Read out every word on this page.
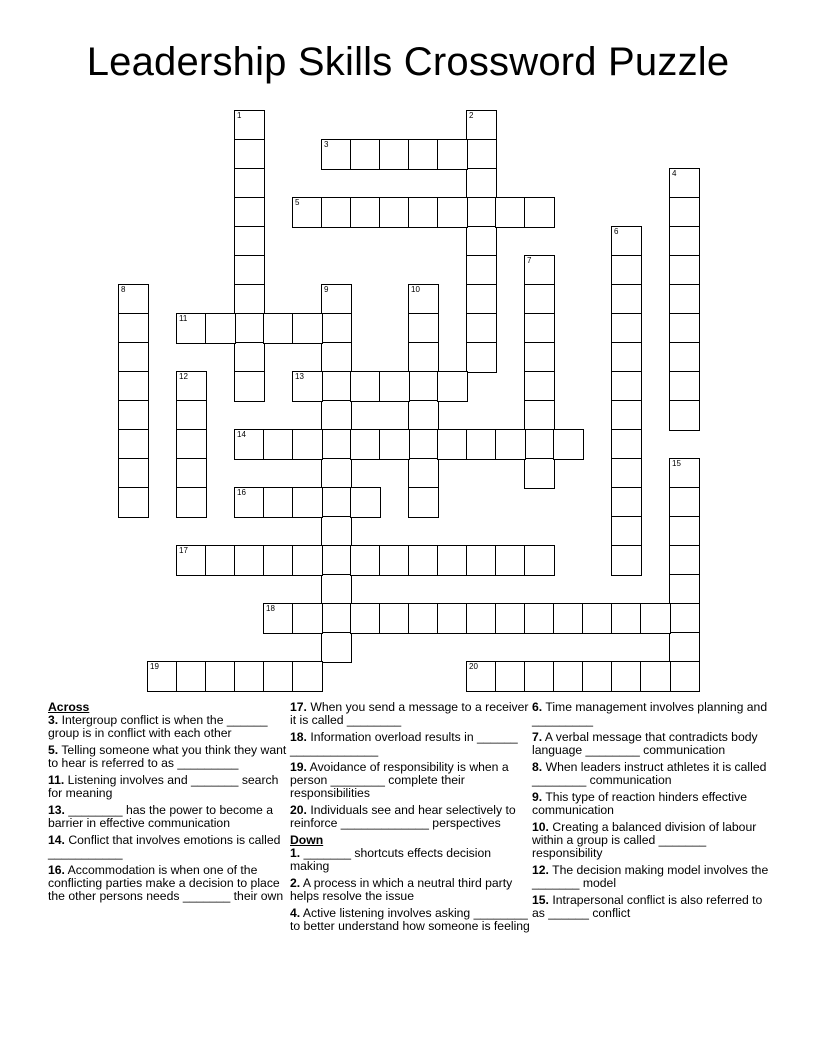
Leadership Skills Crossword Puzzle
1	2
3
4
5
6
7
8	9	10
11
12	13
14
15
16
17
18
19	20
Across
3. Intergroup conflict is when the ______ group is in conflict with each other
5. Telling someone what you think they want to hear is referred to as _________
11. Listening involves and _______ search for meaning
13. ________ has the power to become a barrier in effective communication
14. Conflict that involves emotions is called ___________
16. Accommodation is when one of the conflicting parties make a decision to place the other persons needs _______ their own
17. When you send a message to a receiver it is called ________
18. Information overload results in ______ _____________
19. Avoidance of responsibility is when a person ________ complete their responsibilities
20. Individuals see and hear selectively to reinforce _____________ perspectives
Down
1. _______ shortcuts effects decision making
2. A process in which a neutral third party helps resolve the issue
4. Active listening involves asking ________ to better understand how someone is feeling
6. Time management involves planning and _________
7. A verbal message that contradicts body language ________ communication
8. When leaders instruct athletes it is called ________ communication
9. This type of reaction hinders effective communication
10. Creating a balanced division of labour within a group is called _______ responsibility
12. The decision making model involves the _______ model
15. Intrapersonal conflict is also referred to as ______ conflict
